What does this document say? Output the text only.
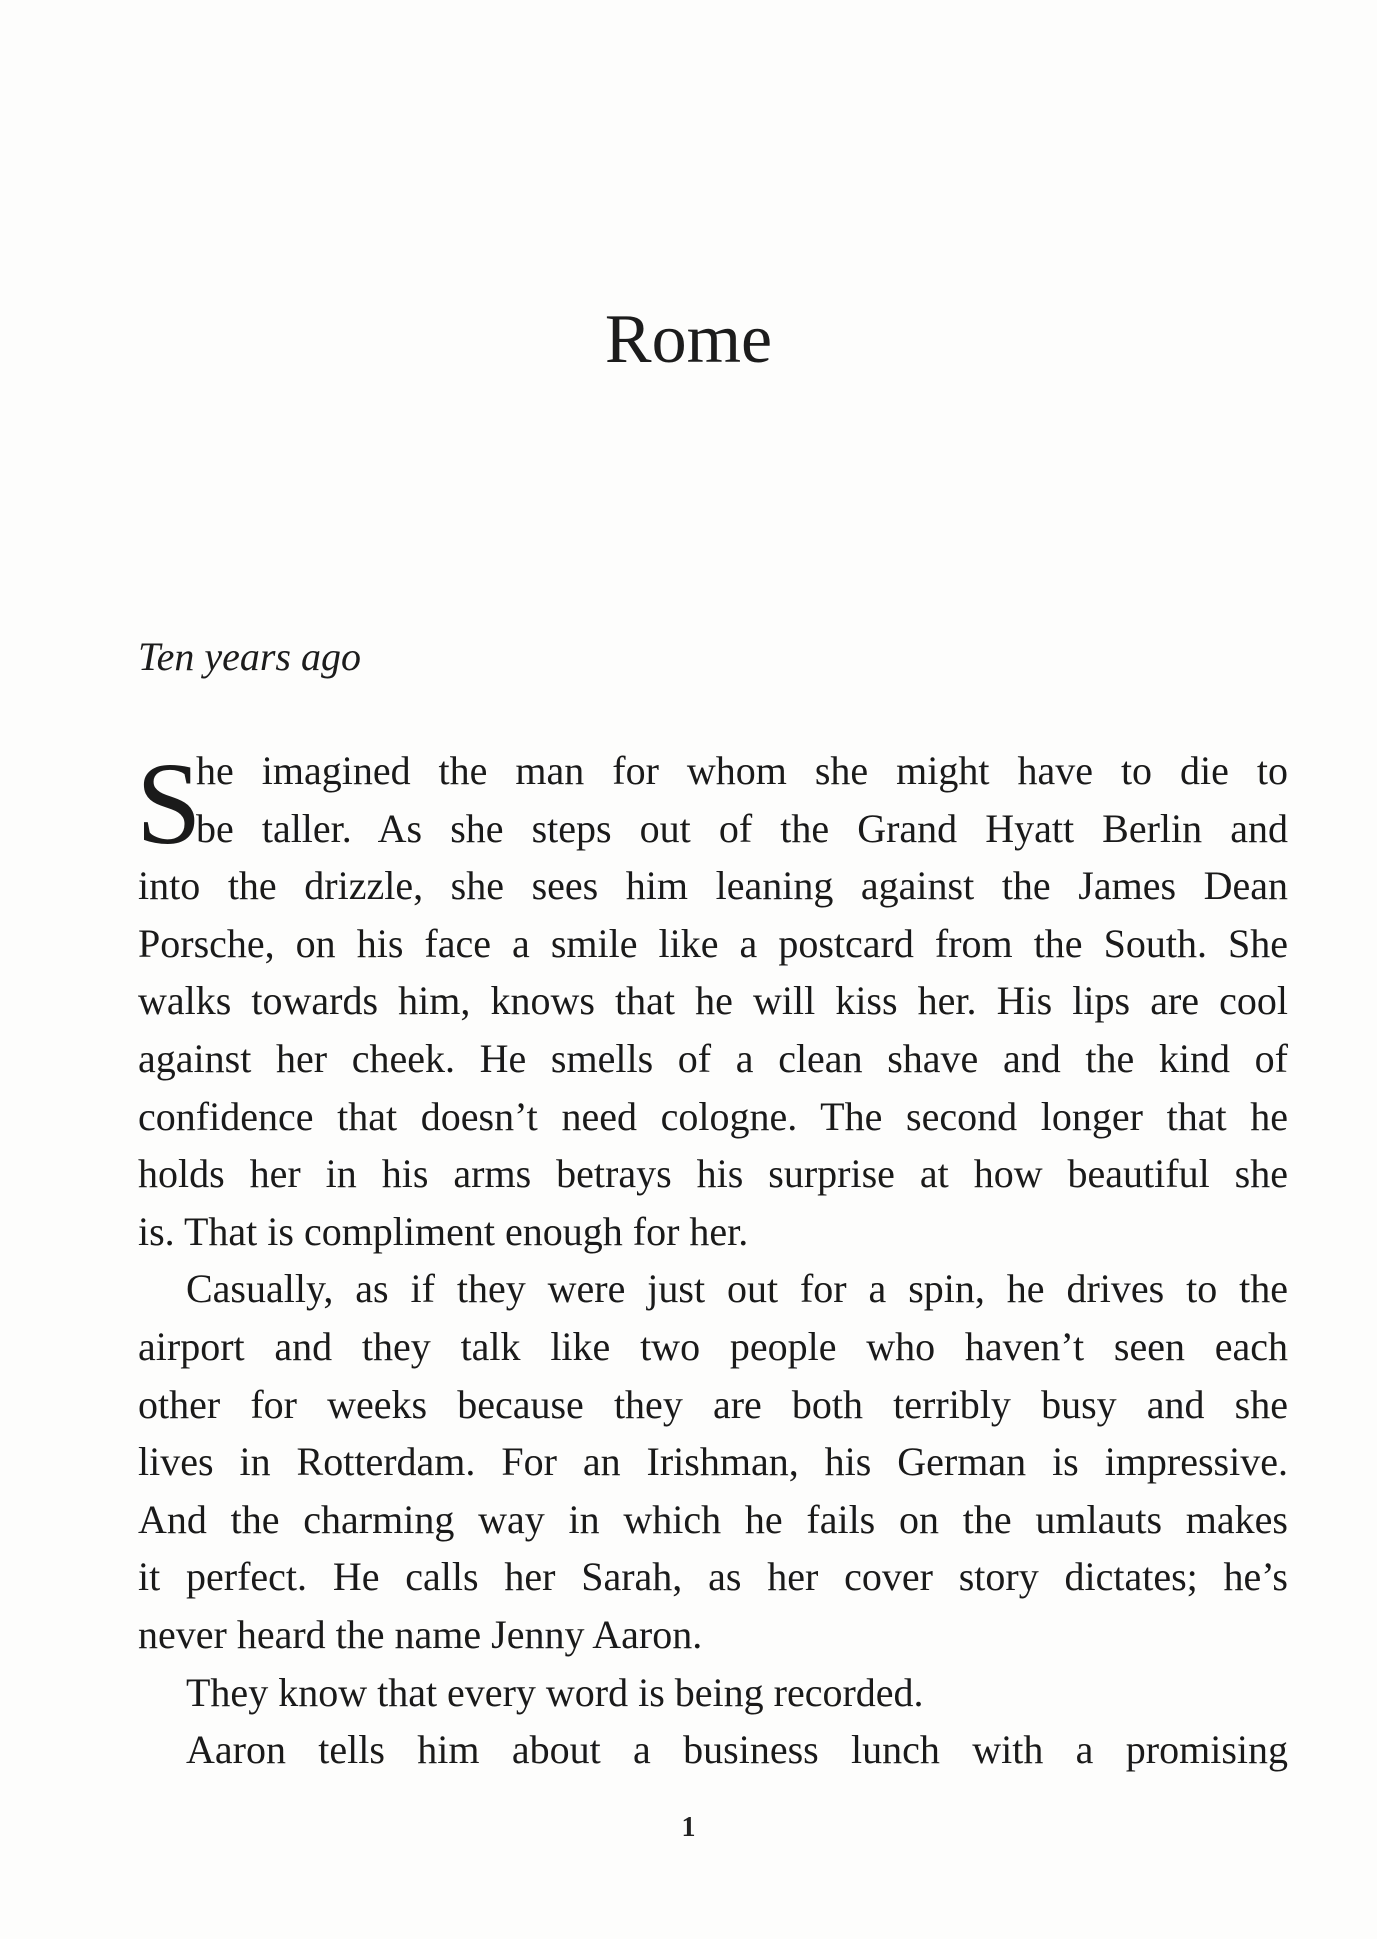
Rome
Ten years ago
S
he imagined the man for whom she might have to die to
be taller. As she steps out of the Grand Hyatt Berlin and
into the drizzle, she sees him leaning against the James Dean
Porsche, on his face a smile like a postcard from the South. She
walks towards him, knows that he will kiss her. His lips are cool
against her cheek. He smells of a clean shave and the kind of
confidence that doesn’t need cologne. The second longer that he
holds her in his arms betrays his surprise at how beautiful she
is. That is compliment enough for her.
Casually, as if they were just out for a spin, he drives to the
airport and they talk like two people who haven’t seen each
other for weeks because they are both terribly busy and she
lives in Rotterdam. For an Irishman, his German is impressive.
And the charming way in which he fails on the umlauts makes
it perfect. He calls her Sarah, as her cover story dictates; he’s
never heard the name Jenny Aaron.
They know that every word is being recorded.
Aaron tells him about a business lunch with a promising
1
